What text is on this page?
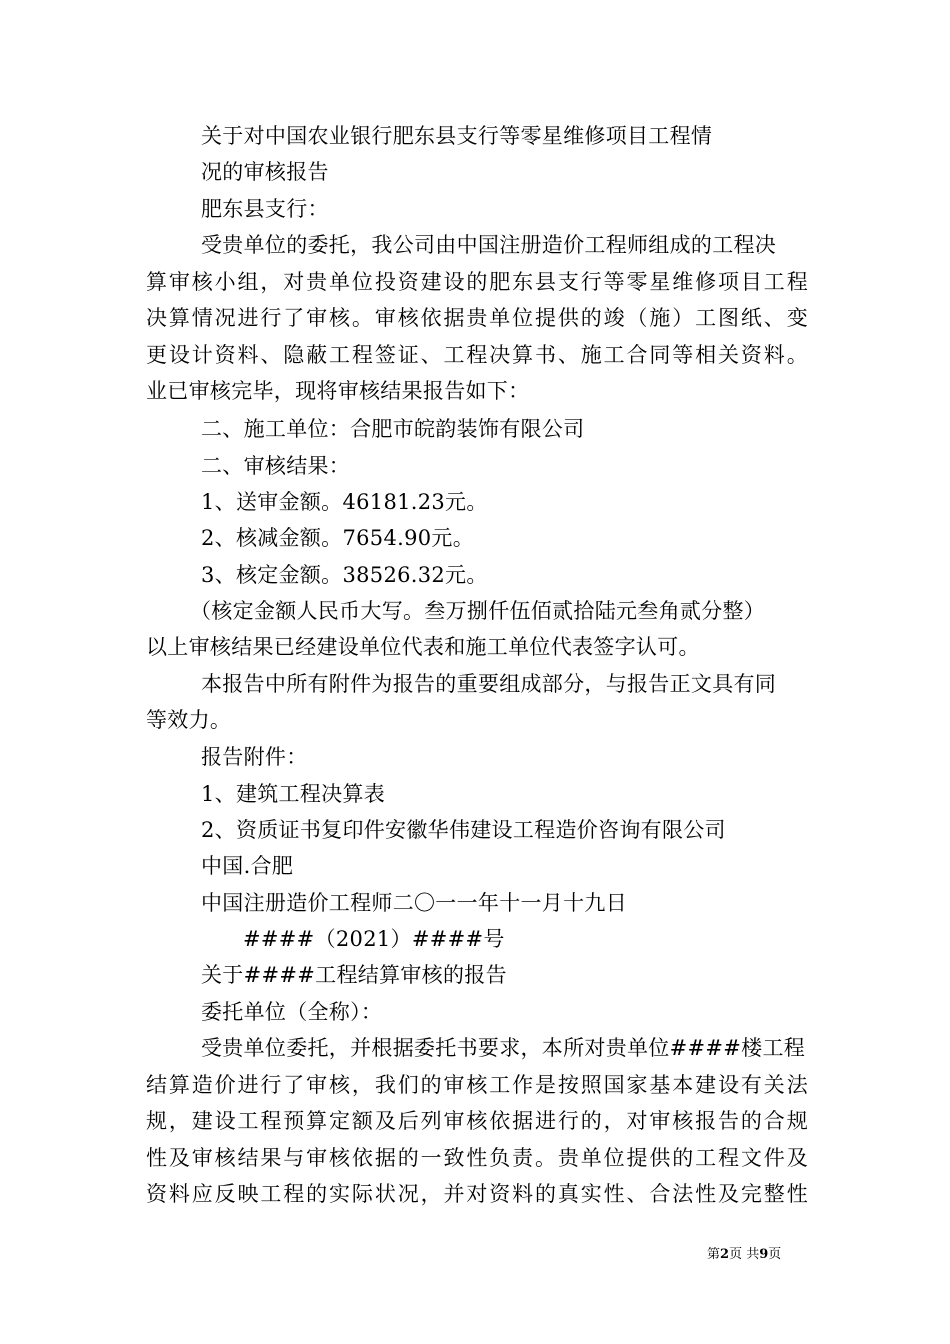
关于对中国农业银行肥东县支行等零星维修项目工程情
况的审核报告
肥东县支行：
受贵单位的委托，我公司由中国注册造价工程师组成的工程决
算审核小组，对贵单位投资建设的肥东县支行等零星维修项目工程
决算情况进行了审核。审核依据贵单位提供的竣（施）工图纸、变
更设计资料、隐蔽工程签证、工程决算书、施工合同等相关资料。
业已审核完毕，现将审核结果报告如下：
二、施工单位：合肥市皖韵装饰有限公司
二、审核结果：
1、送审金额。46181.23元。
2、核减金额。7654.90元。
3、核定金额。38526.32元。
（核定金额人民币大写。叁万捌仟伍佰贰拾陆元叁角贰分整）
以上审核结果已经建设单位代表和施工单位代表签字认可。
本报告中所有附件为报告的重要组成部分，与报告正文具有同
等效力。
报告附件：
1、建筑工程决算表
2、资质证书复印件安徽华伟建设工程造价咨询有限公司
中国.合肥
中国注册造价工程师二〇一一年十一月十九日
####（2021）####号
关于####工程结算审核的报告
委托单位（全称）：
受贵单位委托，并根据委托书要求，本所对贵单位####楼工程
结算造价进行了审核，我们的审核工作是按照国家基本建设有关法
规，建设工程预算定额及后列审核依据进行的，对审核报告的合规
性及审核结果与审核依据的一致性负责。贵单位提供的工程文件及
资料应反映工程的实际状况，并对资料的真实性、合法性及完整性
第2页 共9页
